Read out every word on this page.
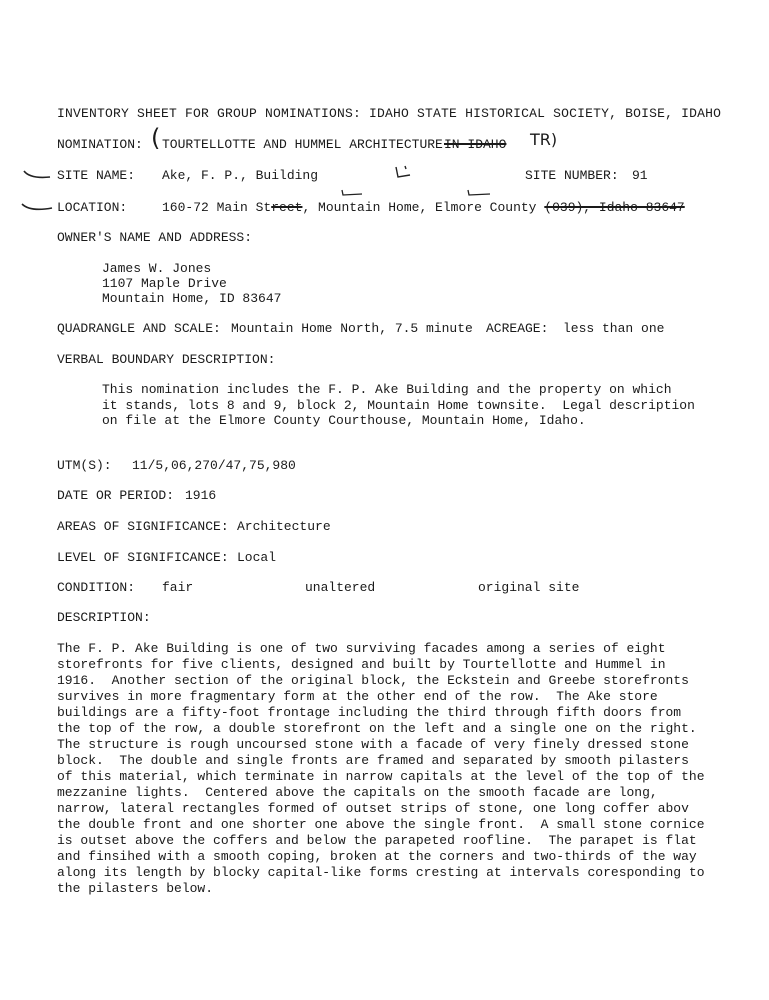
INVENTORY SHEET FOR GROUP NOMINATIONS: IDAHO STATE HISTORICAL SOCIETY, BOISE, IDAHO
NOMINATION: ( TOURTELLOTTE AND HUMMEL ARCHITECTURE IN IDAHO TR)
SITE NAME: Ake, F. P., Building	SITE NUMBER: 91
LOCATION:	160-72 Main Street, Mountain Home, Elmore County (039), Idaho 83647
OWNER'S NAME AND ADDRESS:
James W. Jones
1107 Maple Drive
Mountain Home, ID 83647
QUADRANGLE AND SCALE: Mountain Home North, 7.5 minute ACREAGE: less than one
VERBAL BOUNDARY DESCRIPTION:
This nomination includes the F. P. Ake Building and the property on which
it stands, lots 8 and 9, block 2, Mountain Home townsite.  Legal description
on file at the Elmore County Courthouse, Mountain Home, Idaho.
UTM(S): 11/5,06,270/47,75,980
DATE OR PERIOD: 1916
AREAS OF SIGNIFICANCE: Architecture
LEVEL OF SIGNIFICANCE: Local
CONDITION: fair	unaltered	original site
DESCRIPTION:
The F. P. Ake Building is one of two surviving facades among a series of eight
storefronts for five clients, designed and built by Tourtellotte and Hummel in
1916.  Another section of the original block, the Eckstein and Greebe storefronts
survives in more fragmentary form at the other end of the row.  The Ake store
buildings are a fifty-foot frontage including the third through fifth doors from
the top of the row, a double storefront on the left and a single one on the right.
The structure is rough uncoursed stone with a facade of very finely dressed stone
block.  The double and single fronts are framed and separated by smooth pilasters
of this material, which terminate in narrow capitals at the level of the top of the
mezzanine lights.  Centered above the capitals on the smooth facade are long,
narrow, lateral rectangles formed of outset strips of stone, one long coffer abov
the double front and one shorter one above the single front.  A small stone cornice
is outset above the coffers and below the parapeted roofline.  The parapet is flat
and finsihed with a smooth coping, broken at the corners and two-thirds of the way
along its length by blocky capital-like forms cresting at intervals coresponding to
the pilasters below.
